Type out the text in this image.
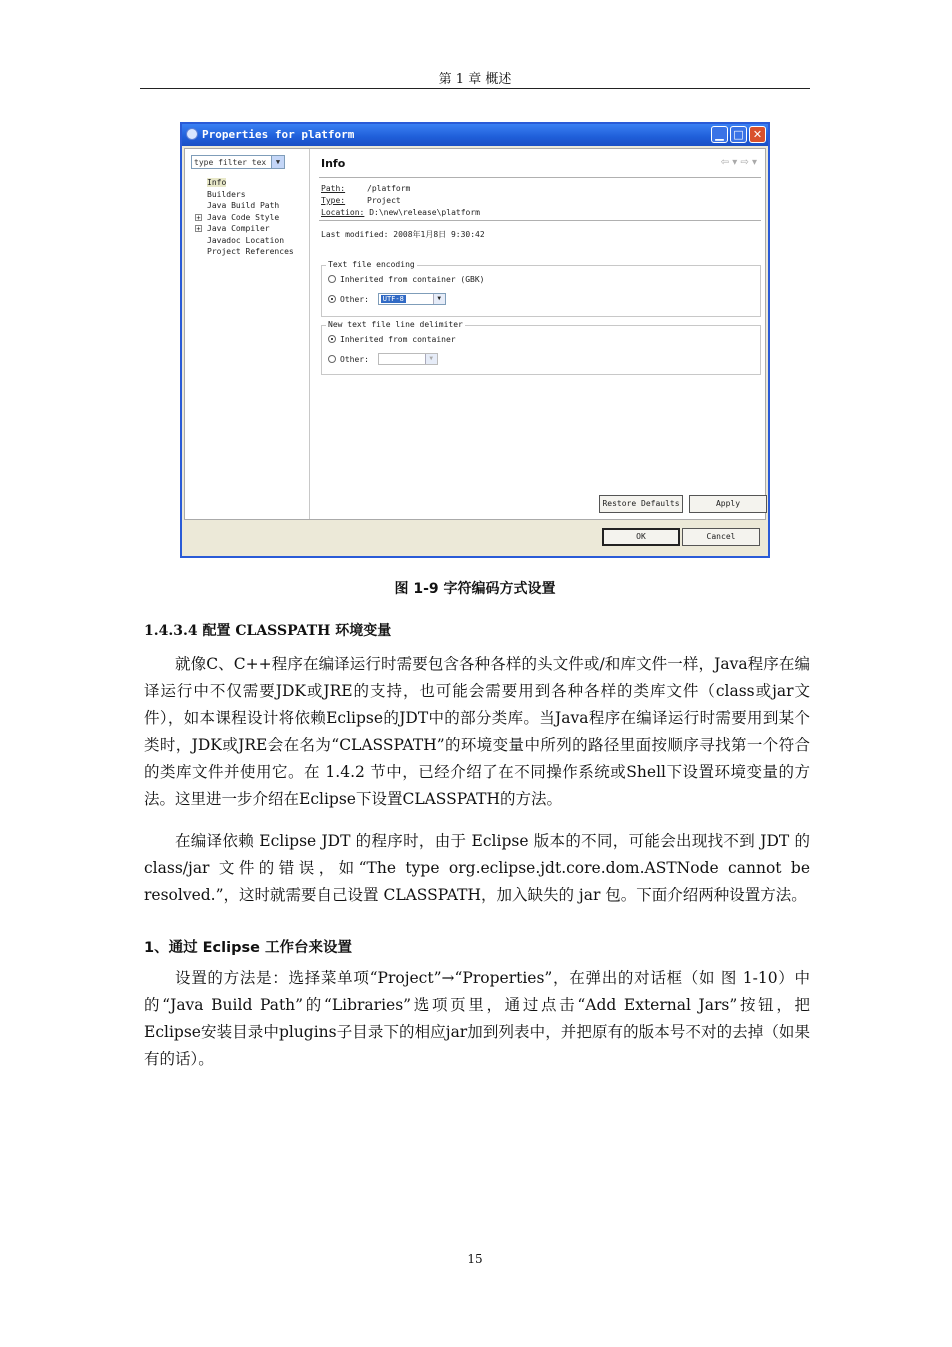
第 1 章 概述
Properties for platform	▁ □ ✕
type filter tex	▼
Info
Builders
Java Build Path
+ Java Code Style
+ Java Compiler
Javadoc Location
Project References
Info	⇦ ▾ ⇨ ▾
Path:	/platform
Type:	Project
Location: D:\new\release\platform
Last modified: 2008年1月8日 9:30:42
Text file encoding
Inherited from container (GBK)
Other: UTF-8	▼
New text file line delimiter
Inherited from container
Other:	▼
Restore Defaults	Apply
OK	Cancel
图 1-9 字符编码方式设置
1.4.3.4 配置 CLASSPATH 环境变量

就像C、C++程序在编译运行时需要包含各种各样的头文件或/和库文件一样，Java程序在编译运行中不仅需要JDK或JRE的支持，也可能会需要用到各种各样的类库文件（class或jar文件），如本课程设计将依赖Eclipse的JDT中的部分类库。当Java程序在编译运行时需要用到某个类时，JDK或JRE会在名为“CLASSPATH”的环境变量中所列的路径里面按顺序寻找第一个符合的类库文件并使用它。在 1.4.2 节中，已经介绍了在不同操作系统或Shell下设置环境变量的方法。这里进一步介绍在Eclipse下设置CLASSPATH的方法。

在编译依赖 Eclipse JDT 的程序时，由于 Eclipse 版本的不同，可能会出现找不到 JDT 的 class/jar 文件的错误，如“The type org.eclipse.jdt.core.dom.ASTNode cannot be resolved.”，这时就需要自己设置 CLASSPATH，加入缺失的 jar 包。下面介绍两种设置方法。

1、通过 Eclipse 工作台来设置

设置的方法是：选择菜单项“Project”→“Properties”，在弹出的对话框（如 图 1-10）中的“Java Build Path”的“Libraries”选项页里，通过点击“Add External Jars”按钮，把Eclipse安装目录中plugins子目录下的相应jar加到列表中，并把原有的版本号不对的去掉（如果有的话）。

15
